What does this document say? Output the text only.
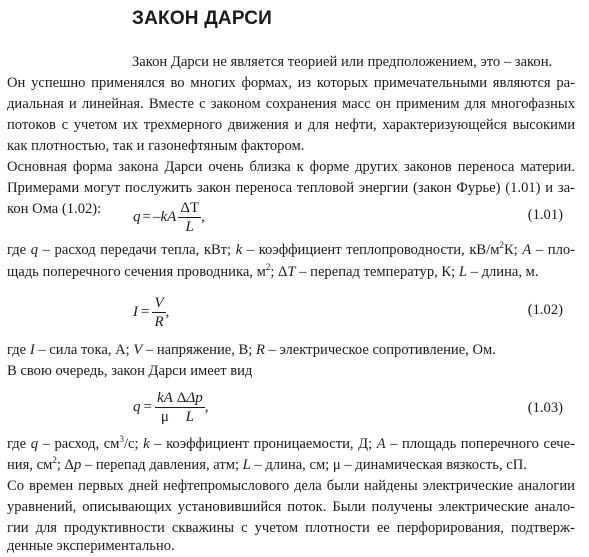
ЗАКОН ДАРСИ
Закон Дарси не является теорией или предположением, это – закон.
Он успешно применялся во многих формах, из которых примечательными являются ра-
диальная и линейная. Вместе с законом сохранения масс он применим для многофазных
потоков с учетом их трехмерного движения и для нефти, характеризующейся высокими
как плотностью, так и газонефтяным фактором.
Основная форма закона Дарси очень близка к форме других законов переноса материи.
Примерами могут послужить закон переноса тепловой энергии (закон Фурье) (1.01) и за-
кон Ома (1.02):	q = – k A $\frac{\Delta T}{L}$ ,	(1.01)
где q – расход передачи тепла, кВт; k – коэффициент теплопроводности, $кВ/м^2К$; A – пло-
щадь поперечного сечения проводника, $м^2$; ΔT – перепад температур, К; L – длина, м.
$I = \frac{V}{R}$ ,	(1.02)
где I – сила тока, А; V – напряжение, В; R – электрическое сопротивление, Ом.
В свою очередь, закон Дарси имеет вид
$q = \frac{kA}{\mu} \frac{\text{ΔΔp}}{L}$ ,	(1.03)
где q – расход, $см^3/с$; k – коэффициент проницаемости, Д; A – площадь поперечного сече-
ния, $см^2$; Δp – перепад давления, атм; L – длина, см; μ – динамическая вязкость, сП.
Со времен первых дней нефтепромыслового дела были найдены электрические аналогии
уравнений, описывающих установившийся поток. Были получены электрические анало-
гии для продуктивности скважины с учетом плотности ее перфорирования, подтверж-
денные экспериментально.
